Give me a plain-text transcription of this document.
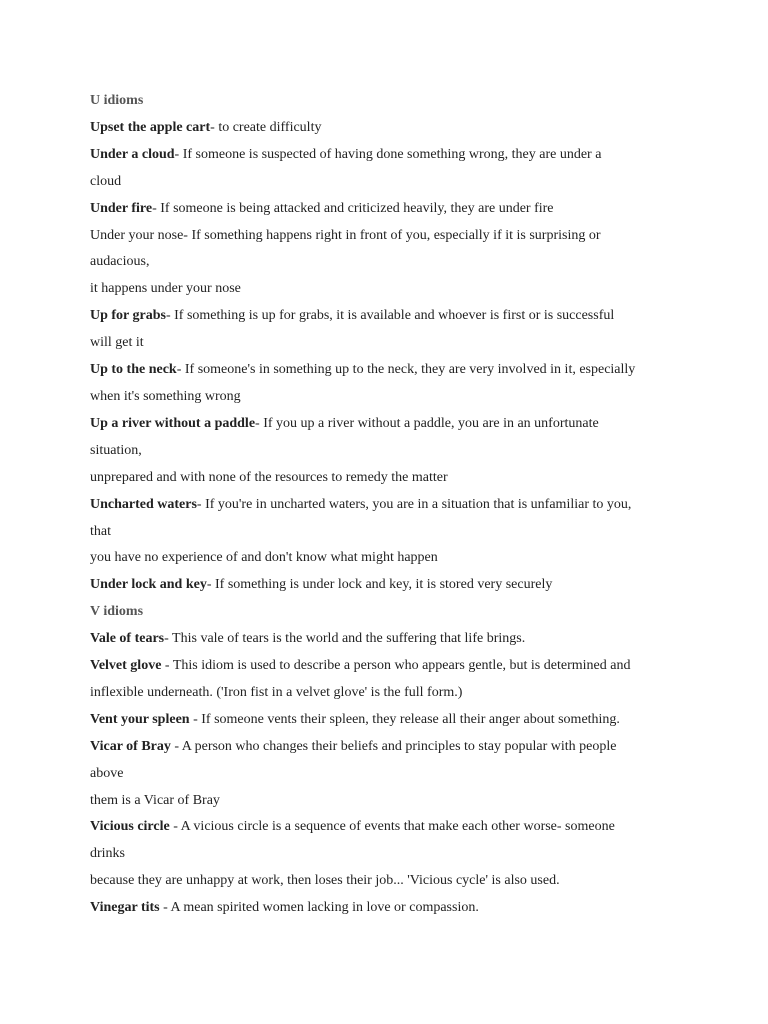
U idioms
Upset the apple cart- to create difficulty
Under a cloud- If someone is suspected of having done something wrong, they are under a
cloud
Under fire- If someone is being attacked and criticized heavily, they are under fire
Under your nose- If something happens right in front of you, especially if it is surprising or
audacious,
it happens under your nose
Up for grabs- If something is up for grabs, it is available and whoever is first or is successful
will get it
Up to the neck- If someone's in something up to the neck, they are very involved in it, especially
when it's something wrong
Up a river without a paddle- If you up a river without a paddle, you are in an unfortunate
situation,
unprepared and with none of the resources to remedy the matter
Uncharted waters- If you're in uncharted waters, you are in a situation that is unfamiliar to you,
that
you have no experience of and don't know what might happen
Under lock and key- If something is under lock and key, it is stored very securely
V idioms
Vale of tears- This vale of tears is the world and the suffering that life brings.
Velvet glove - This idiom is used to describe a person who appears gentle, but is determined and
inflexible underneath. ('Iron fist in a velvet glove' is the full form.)
Vent your spleen - If someone vents their spleen, they release all their anger about something.
Vicar of Bray - A person who changes their beliefs and principles to stay popular with people
above
them is a Vicar of Bray
Vicious circle - A vicious circle is a sequence of events that make each other worse- someone
drinks
because they are unhappy at work, then loses their job... 'Vicious cycle' is also used.
Vinegar tits - A mean spirited women lacking in love or compassion.
